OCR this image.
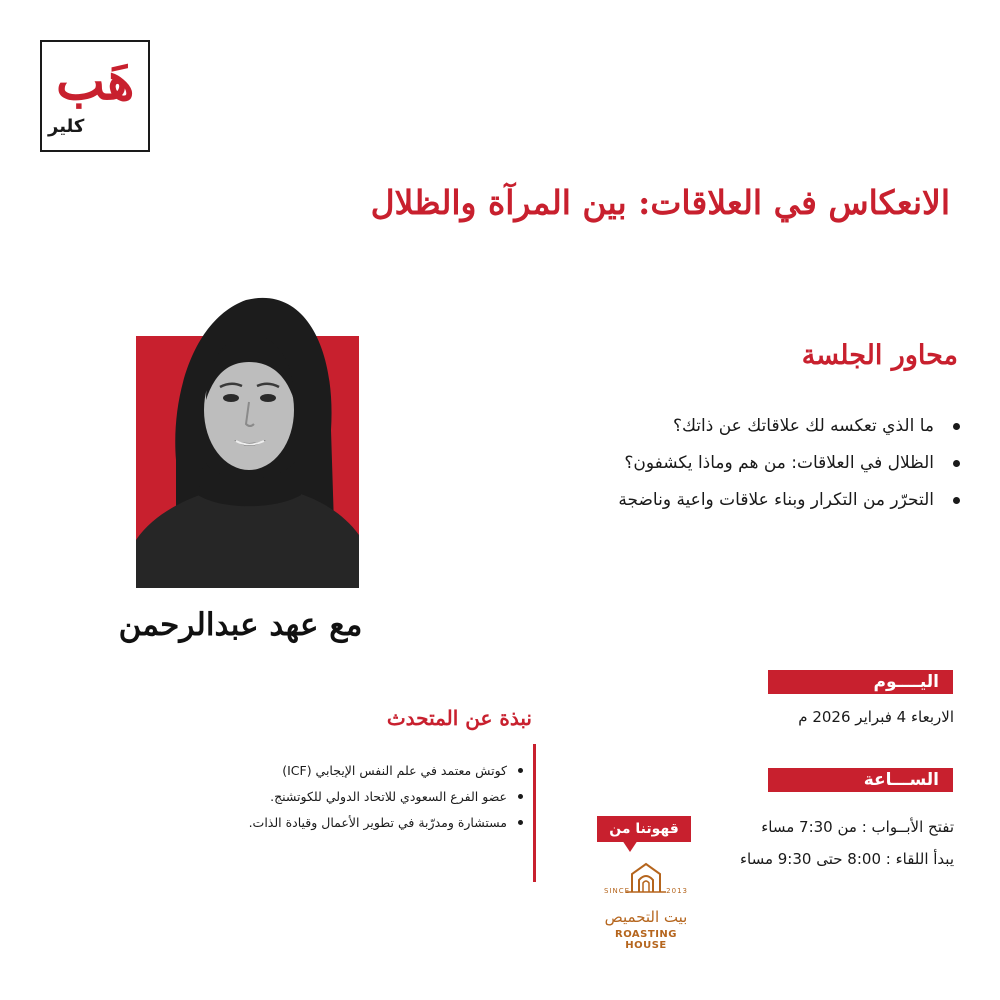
هَب
كلير
الانعكاس في العلاقات: بين المرآة والظلال
مع عهد عبدالرحمن
محاور الجلسة
ما الذي تعكسه لك علاقاتك عن ذاتك؟
الظلال في العلاقات: من هم وماذا يكشفون؟
التحرّر من التكرار وبناء علاقات واعية وناضجة
اليــــوم
الاربعاء 4 فبراير 2026 م
الســـاعة
تفتح الأبــواب : من 7:30 مساء
يبدأ اللقاء : 8:00 حتى 9:30 مساء
نبذة عن المتحدث
كوتش معتمد في علم النفس الإيجابي (ICF)
عضو الفرع السعودي للاتحاد الدولي للكوتشنج.
مستشارة ومدرّبة في تطوير الأعمال وقيادة الذات.	قهوتنا من
SINCE	2013
بيت التحميص
ROASTING HOUSE
